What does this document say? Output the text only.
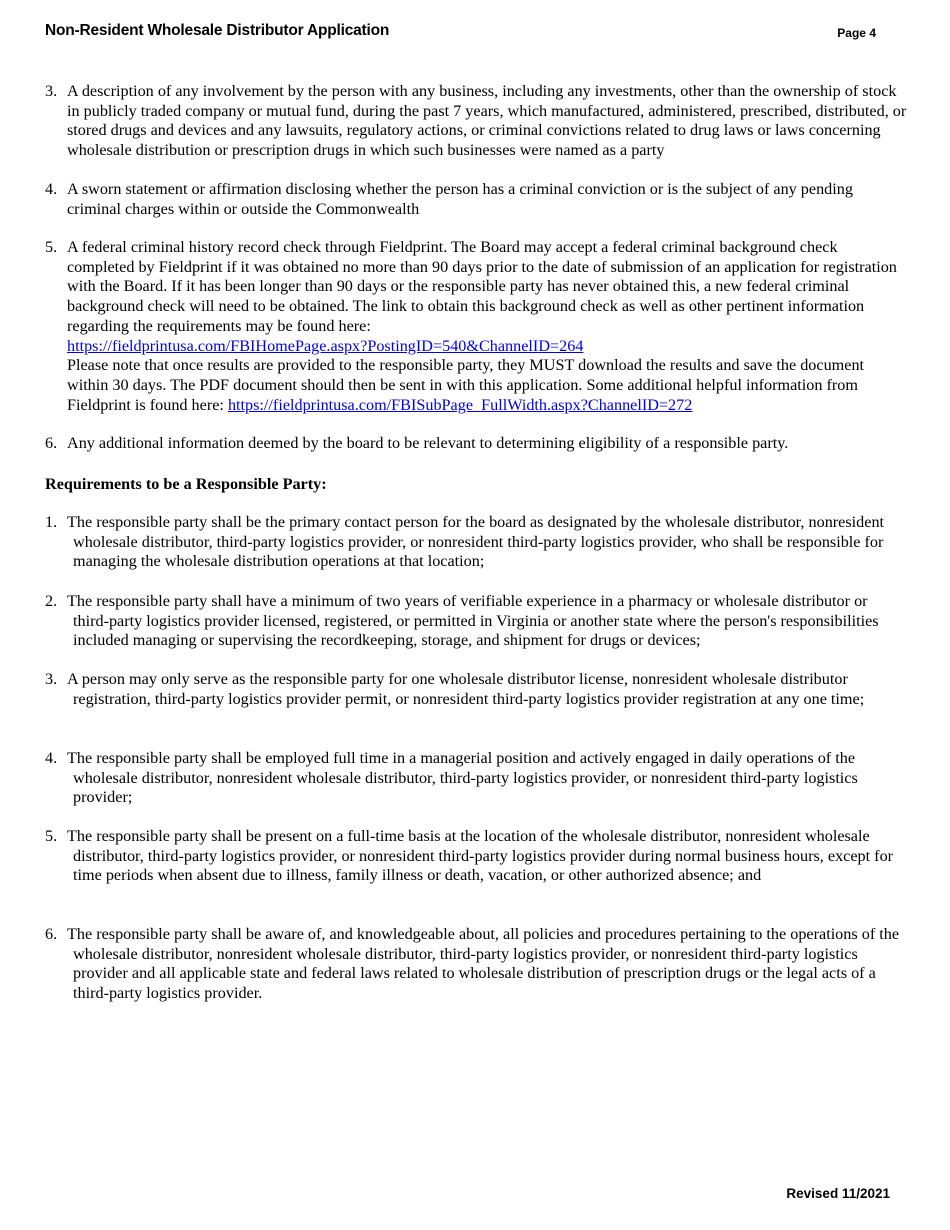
Non-Resident Wholesale Distributor Application	Page 4
3. A description of any involvement by the person with any business, including any investments, other than the ownership of stock in publicly traded company or mutual fund, during the past 7 years, which manufactured, administered, prescribed, distributed, or stored drugs and devices and any lawsuits, regulatory actions, or criminal convictions related to drug laws or laws concerning wholesale distribution or prescription drugs in which such businesses were named as a party
4. A sworn statement or affirmation disclosing whether the person has a criminal conviction or is the subject of any pending criminal charges within or outside the Commonwealth
5. A federal criminal history record check through Fieldprint. The Board may accept a federal criminal background check completed by Fieldprint if it was obtained no more than 90 days prior to the date of submission of an application for registration with the Board. If it has been longer than 90 days or the responsible party has never obtained this, a new federal criminal background check will need to be obtained. The link to obtain this background check as well as other pertinent information regarding the requirements may be found here:
https://fieldprintusa.com/FBIHomePage.aspx?PostingID=540&ChannelID=264
Please note that once results are provided to the responsible party, they MUST download the results and save the document within 30 days. The PDF document should then be sent in with this application. Some additional helpful information from Fieldprint is found here: https://fieldprintusa.com/FBISubPage_FullWidth.aspx?ChannelID=272
6. Any additional information deemed by the board to be relevant to determining eligibility of a responsible party.
Requirements to be a Responsible Party:
1. The responsible party shall be the primary contact person for the board as designated by the wholesale distributor, nonresident wholesale distributor, third-party logistics provider, or nonresident third-party logistics provider, who shall be responsible for managing the wholesale distribution operations at that location;
2. The responsible party shall have a minimum of two years of verifiable experience in a pharmacy or wholesale distributor or third-party logistics provider licensed, registered, or permitted in Virginia or another state where the person's responsibilities included managing or supervising the recordkeeping, storage, and shipment for drugs or devices;
3. A person may only serve as the responsible party for one wholesale distributor license, nonresident wholesale distributor registration, third-party logistics provider permit, or nonresident third-party logistics provider registration at any one time;
4. The responsible party shall be employed full time in a managerial position and actively engaged in daily operations of the wholesale distributor, nonresident wholesale distributor, third-party logistics provider, or nonresident third-party logistics provider;
5. The responsible party shall be present on a full-time basis at the location of the wholesale distributor, nonresident wholesale distributor, third-party logistics provider, or nonresident third-party logistics provider during normal business hours, except for time periods when absent due to illness, family illness or death, vacation, or other authorized absence; and
6. The responsible party shall be aware of, and knowledgeable about, all policies and procedures pertaining to the operations of the wholesale distributor, nonresident wholesale distributor, third-party logistics provider, or nonresident third-party logistics provider and all applicable state and federal laws related to wholesale distribution of prescription drugs or the legal acts of a third-party logistics provider.
Revised 11/2021
